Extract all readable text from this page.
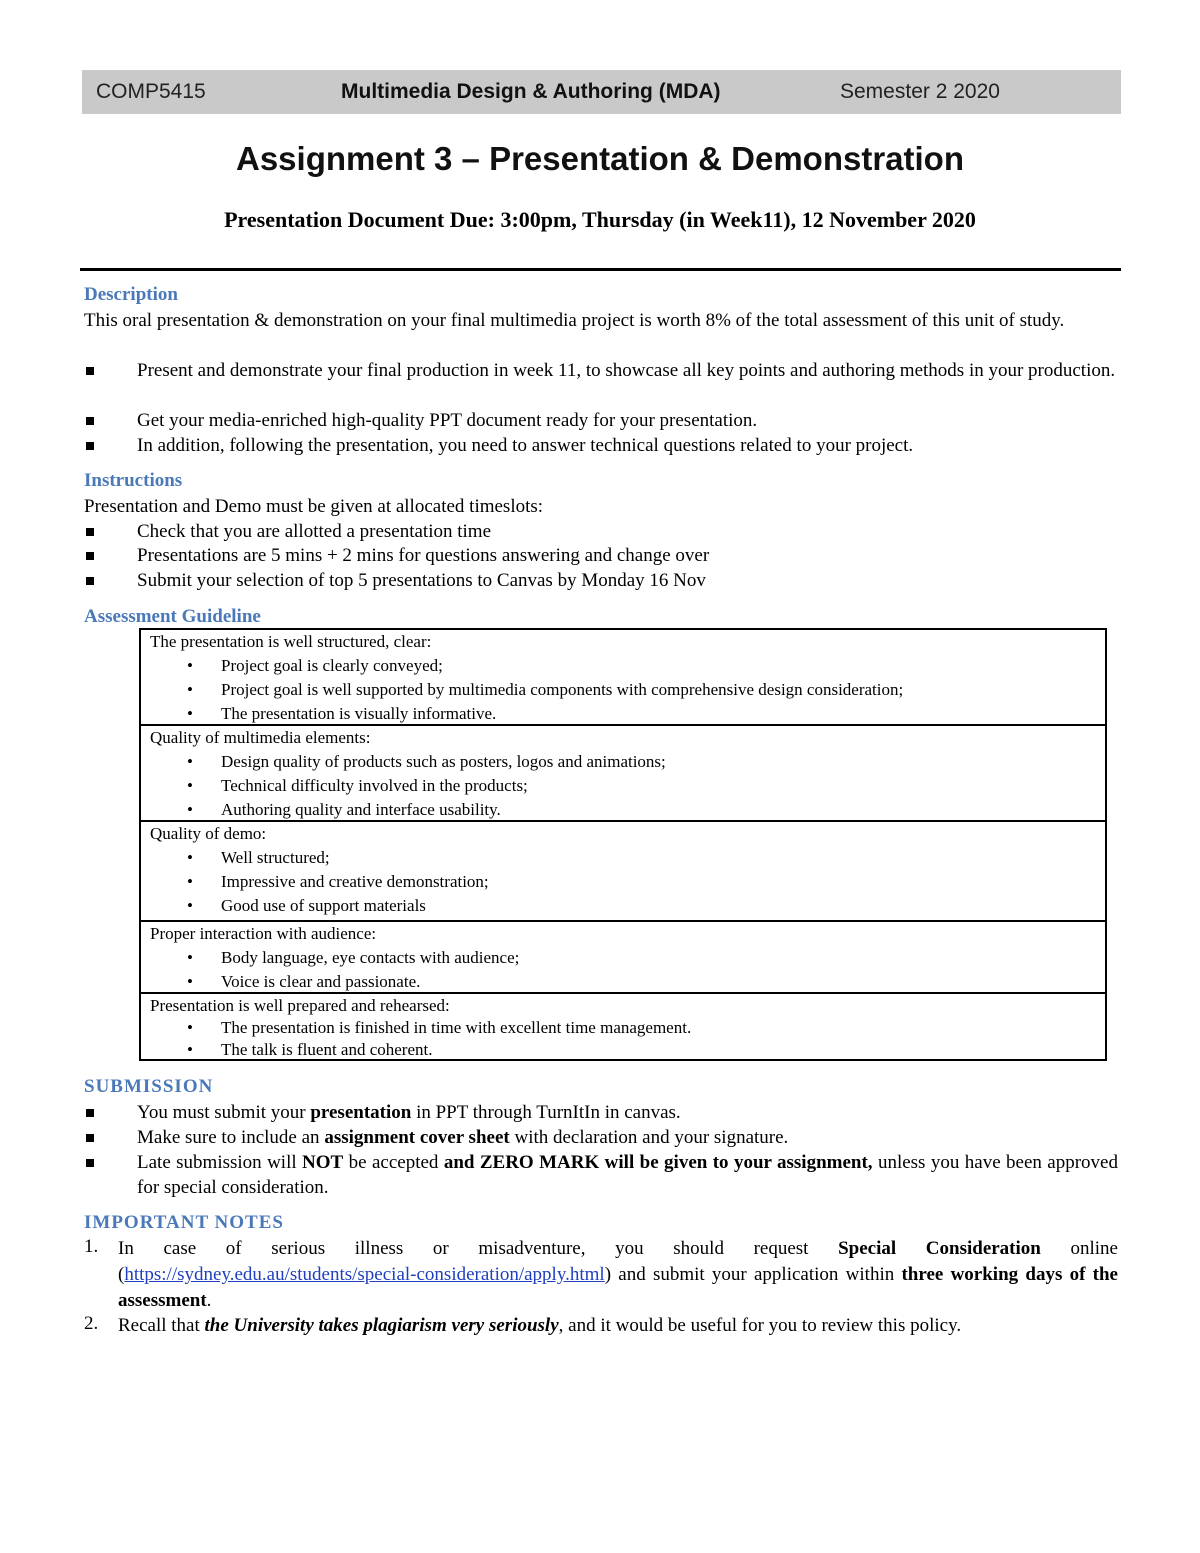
COMP5415	Multimedia Design & Authoring (MDA)	Semester 2 2020
Assignment 3 – Presentation & Demonstration
Presentation Document Due: 3:00pm, Thursday (in Week11), 12 November 2020
Description
This oral presentation & demonstration on your final multimedia project is worth 8% of the total assessment of this unit of study.
Present and demonstrate your final production in week 11, to showcase all key points and authoring methods in your production.
Get your media-enriched high-quality PPT document ready for your presentation.
In addition, following the presentation, you need to answer technical questions related to your project.
Instructions
Presentation and Demo must be given at allocated timeslots:
Check that you are allotted a presentation time
Presentations are 5 mins + 2 mins for questions answering and change over
Submit your selection of top 5 presentations to Canvas by Monday 16 Nov
Assessment Guideline
The presentation is well structured, clear:
• Project goal is clearly conveyed;
• Project goal is well supported by multimedia components with comprehensive design consideration;
• The presentation is visually informative.
Quality of multimedia elements:
• Design quality of products such as posters, logos and animations;
• Technical difficulty involved in the products;
• Authoring quality and interface usability.
Quality of demo:
• Well structured;
• Impressive and creative demonstration;
• Good use of support materials
Proper interaction with audience:
• Body language, eye contacts with audience;
• Voice is clear and passionate.
Presentation is well prepared and rehearsed:
• The presentation is finished in time with excellent time management.
• The talk is fluent and coherent.
SUBMISSION
You must submit your presentation in PPT through TurnItIn in canvas.
Make sure to include an assignment cover sheet with declaration and your signature.
Late submission will NOT be accepted and ZERO MARK will be given to your assignment, unless you have been approved for special consideration.
IMPORTANT NOTES
1. In case of serious illness or misadventure, you should request Special Consideration online (https://sydney.edu.au/students/special-consideration/apply.html) and submit your application within three working days of the assessment.
2. Recall that the University takes plagiarism very seriously, and it would be useful for you to review this policy.
